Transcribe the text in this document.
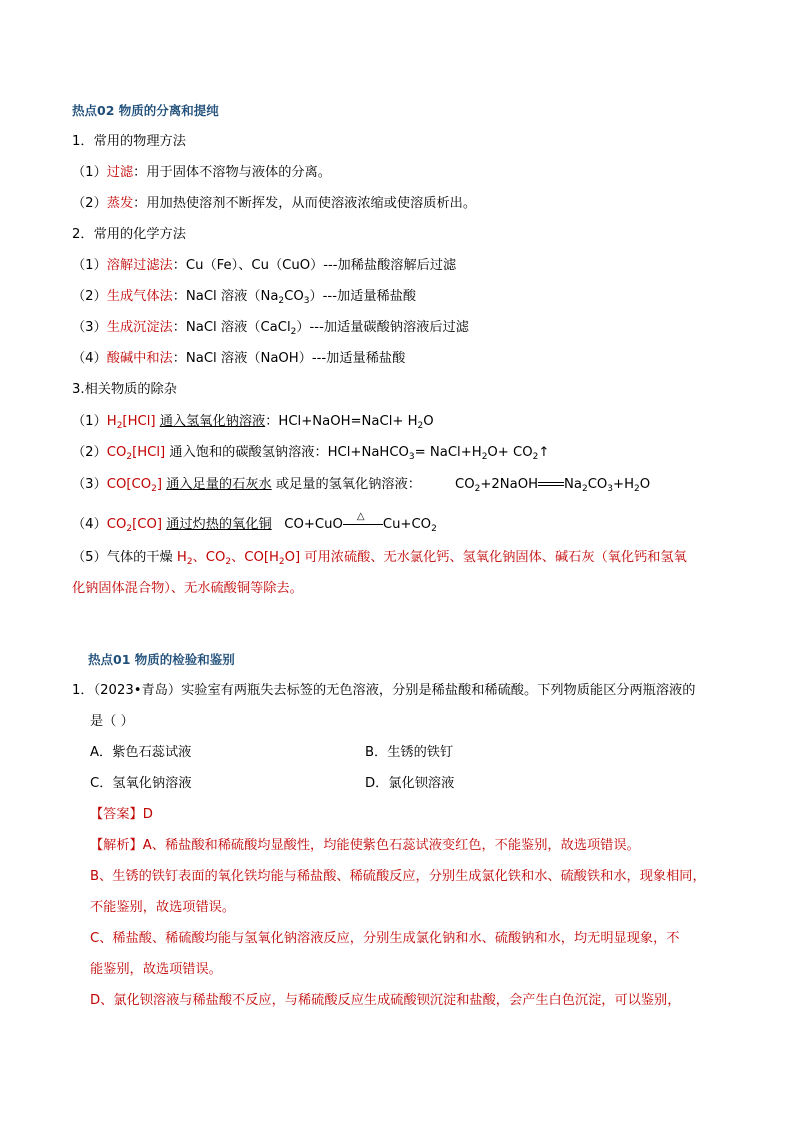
热点02 物质的分离和提纯
1．常用的物理方法
（1）过滤：用于固体不溶物与液体的分离。
（2）蒸发：用加热使溶剂不断挥发，从而使溶液浓缩或使溶质析出。
2．常用的化学方法
（1）溶解过滤法：Cu（Fe）、Cu（CuO）---加稀盐酸溶解后过滤
（2）生成气体法：NaCl 溶液$(Na_2CO_3)---$加适量稀盐酸
（3）生成沉淀法：NaCl 溶液（CaCl$_2$）---加适量碳酸钠溶液后过滤
（4）酸碱中和法：NaCl 溶液（NaOH）---加适量稀盐酸
3.相关物质的除杂
$(1)H_2[HCl]$ 通入氢氧化钠溶液：HCl+NaOH=NaCl+ $H_2O$
$(2)CO_2[HCl]$ 通入饱和的碳酸氢钠溶液：HCl+NaHCO$_3$= $NaCl+H_2O+$ $CO_2↑$
$(3)CO[CO_2]$ 通入足量的石灰水 或足量的氢氧化钠溶液：	$CO_2+2NaOH$ $Na_2CO_3+H_2O$
$(4)CO_2[CO]$ 通过灼热的氧化铜 CO+CuO
△
$Cu+CO_2$
（5）气体的干燥 $H_2$、$CO_2$、$CO[H_2O]$ 可用浓硫酸、无水氯化钙、氢氧化钠固体、碱石灰（氧化钙和氢氧
化钠固体混合物）、无水硫酸铜等除去。
热点01 物质的检验和鉴别
1．（2023•青岛）实验室有两瓶失去标签的无色溶液，分别是稀盐酸和稀硫酸。下列物质能区分两瓶溶液的
是（ ）
A．紫色石蕊试液	B．生锈的铁钉
C．氢氧化钠溶液	D．氯化钡溶液
【答案】D
【解析】A、稀盐酸和稀硫酸均显酸性，均能使紫色石蕊试液变红色，不能鉴别，故选项错误。
B、生锈的铁钉表面的氧化铁均能与稀盐酸、稀硫酸反应，分别生成氯化铁和水、硫酸铁和水，现象相同，
不能鉴别，故选项错误。
C、稀盐酸、稀硫酸均能与氢氧化钠溶液反应，分别生成氯化钠和水、硫酸钠和水，均无明显现象，不
能鉴别，故选项错误。
D、氯化钡溶液与稀盐酸不反应，与稀硫酸反应生成硫酸钡沉淀和盐酸，会产生白色沉淀，可以鉴别，
